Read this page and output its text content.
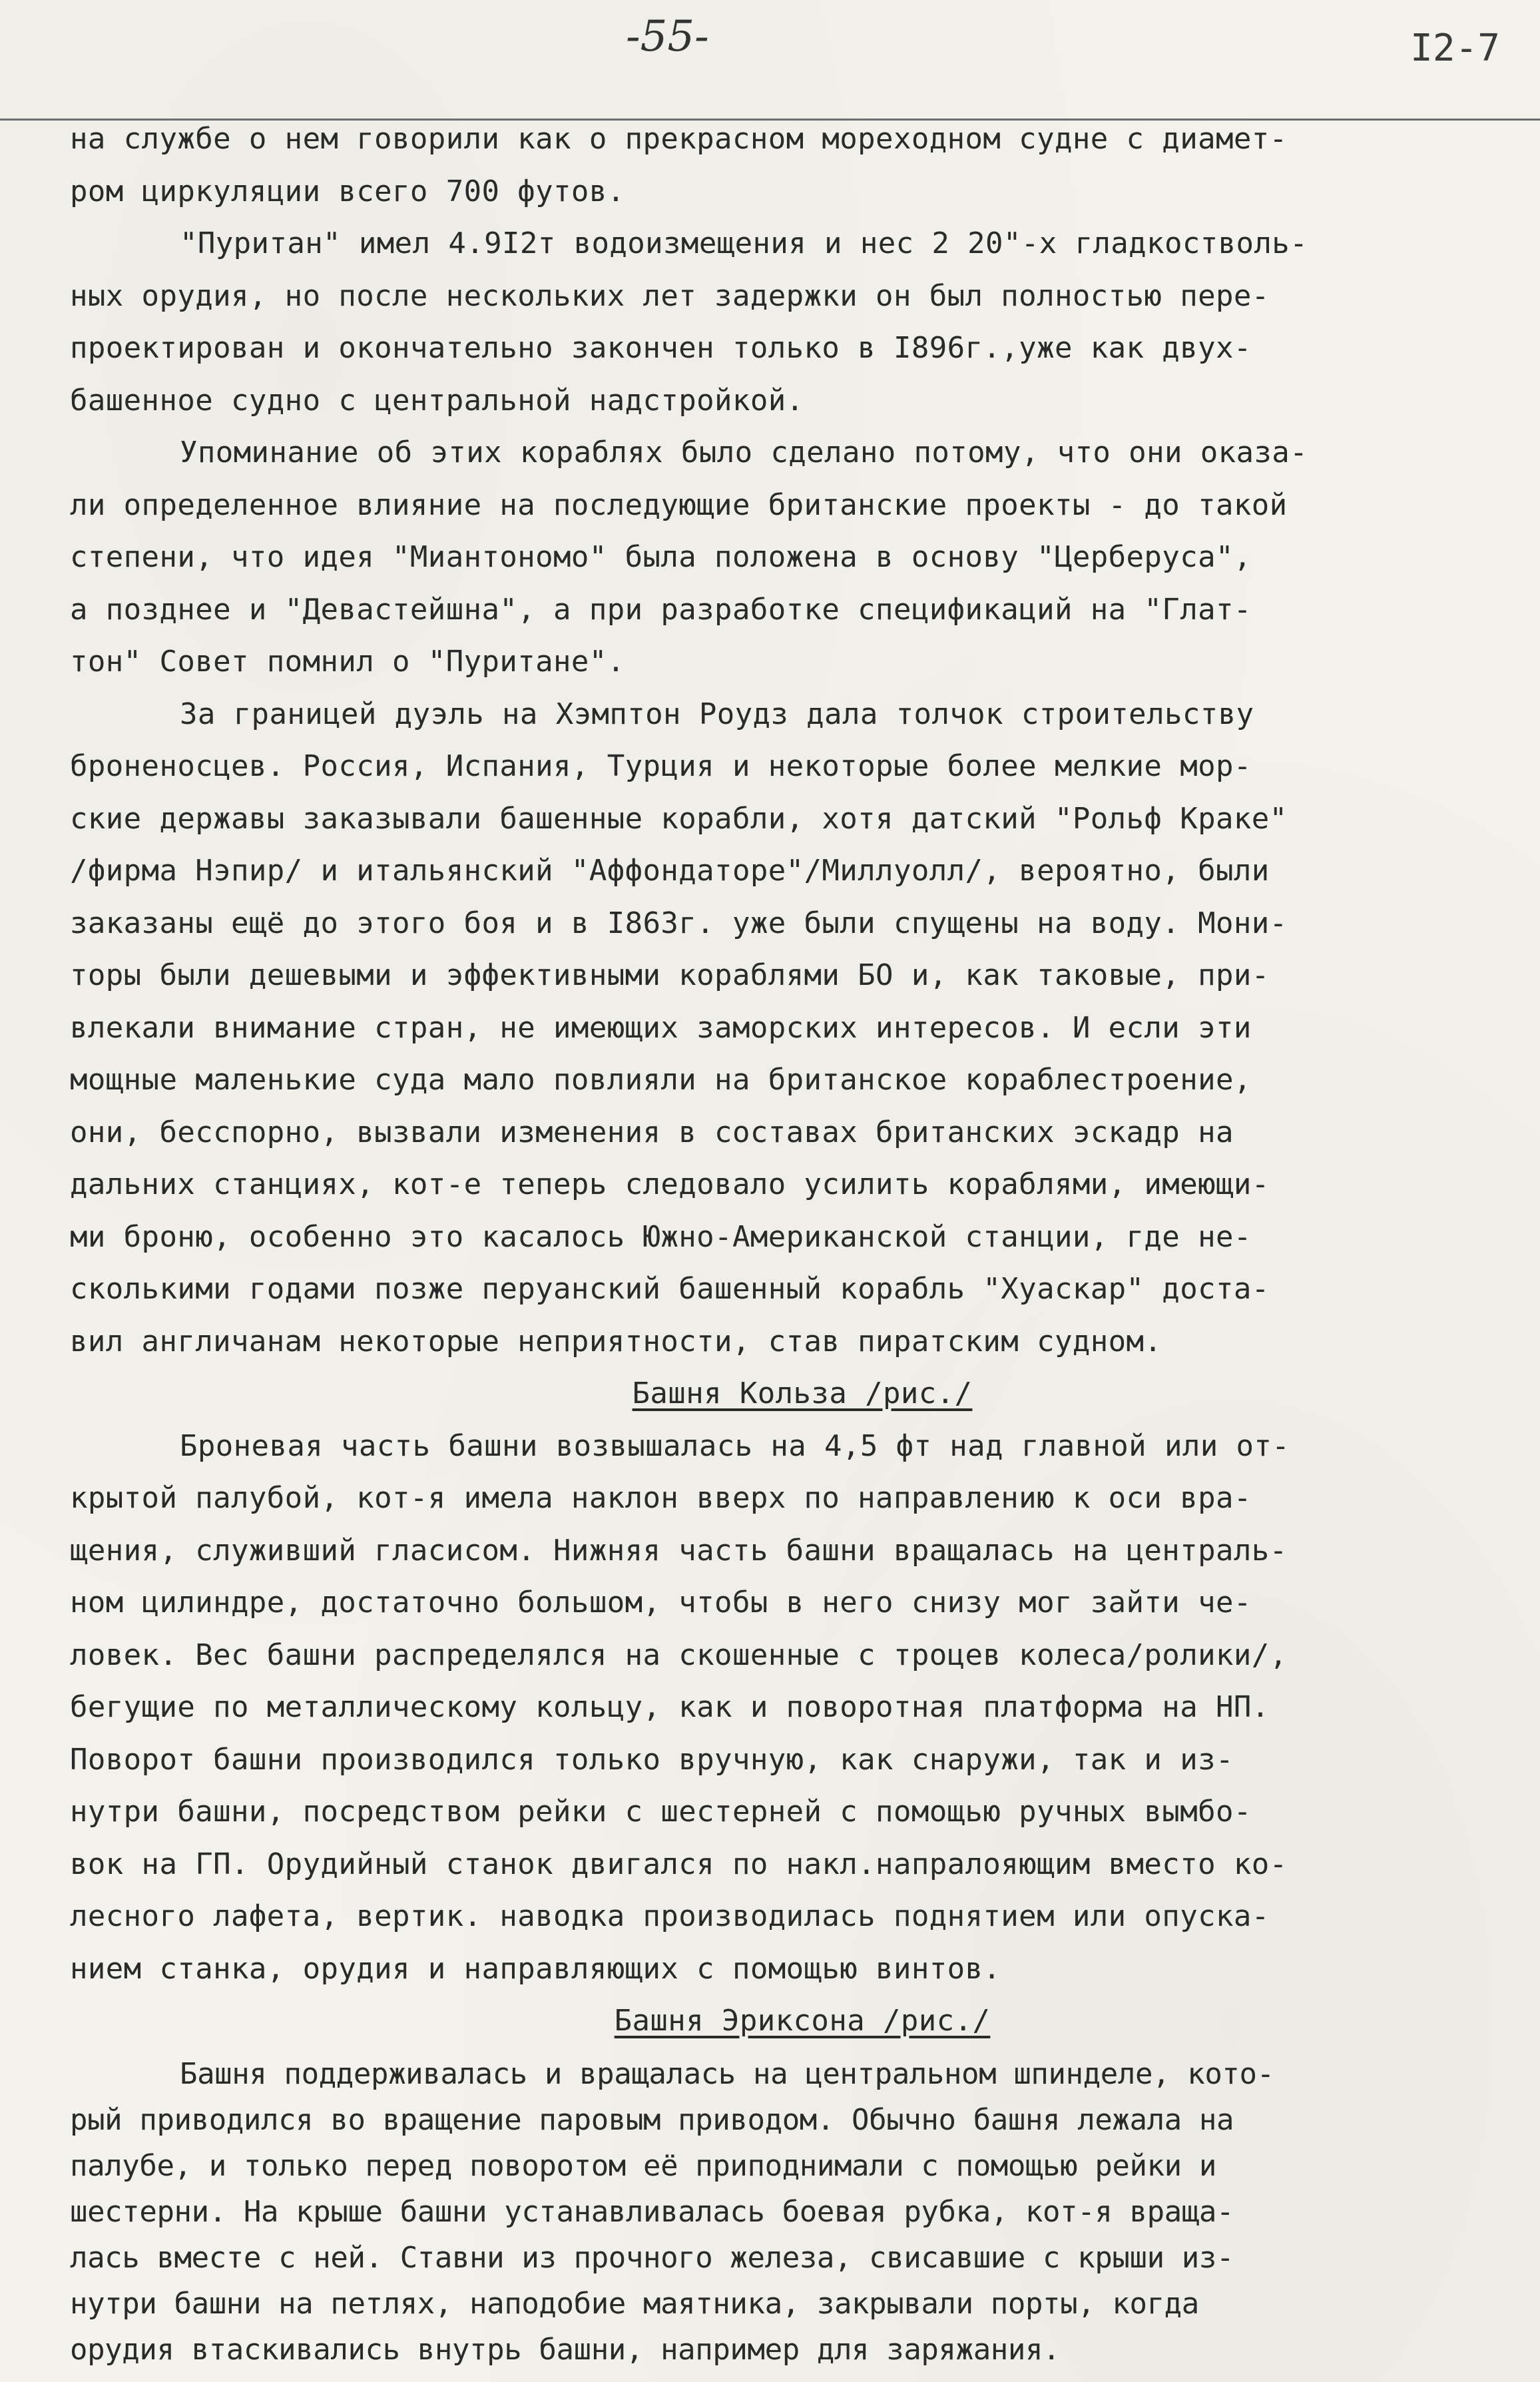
-55-	I2-7
на службе о нем говорили как о прекрасном мореходном судне с диамет-
ром циркуляции всего 700 футов.
"Пуритан" имел 4.9I2т водоизмещения и нес 2 20"-х гладкостволь-
ных орудия, но после нескольких лет задержки он был полностью пере-
проектирован и окончательно закончен только в I896г.,уже как двух-
башенное судно с центральной надстройкой.
Упоминание об этих кораблях было сделано потому, что они оказа-
ли определенное влияние на последующие британские проекты - до такой
степени, что идея "Миантономо" была положена в основу "Церберуса",
а позднее и "Девастейшна", а при разработке спецификаций на "Глат-
тон" Совет помнил о "Пуритане".
За границей дуэль на Хэмптон Роудз дала толчок строительству
броненосцев. Россия, Испания, Турция и некоторые более мелкие мор-
ские державы заказывали башенные корабли, хотя датский "Рольф Краке"
/фирма Нэпир/ и итальянский "Аффондаторе"/Миллуолл/, вероятно, были
заказаны ещё до этого боя и в I863г. уже были спущены на воду. Мони-
торы были дешевыми и эффективными кораблями БО и, как таковые, при-
влекали внимание стран, не имеющих заморских интересов. И если эти
мощные маленькие суда мало повлияли на британское кораблестроение,
они, бесспорно, вызвали изменения в составах британских эскадр на
дальних станциях, кот-е теперь следовало усилить кораблями, имеющи-
ми броню, особенно это касалось Южно-Американской станции, где не-
сколькими годами позже перуанский башенный корабль "Хуаскар" доста-
вил англичанам некоторые неприятности, став пиратским судном.
Башня Кольза /рис./
Броневая часть башни возвышалась на 4,5 фт над главной или от-
крытой палубой, кот-я имела наклон вверх по направлению к оси вра-
щения, служивший гласисом. Нижняя часть башни вращалась на централь-
ном цилиндре, достаточно большом, чтобы в него снизу мог зайти че-
ловек. Вес башни распределялся на скошенные с троцев колеса/ролики/,
бегущие по металлическому кольцу, как и поворотная платформа на НП.
Поворот башни производился только вручную, как снаружи, так и из-
нутри башни, посредством рейки с шестерней с помощью ручных вымбо-
вок на ГП. Орудийный станок двигался по накл.напралояющим вместо ко-
лесного лафета, вертик. наводка производилась поднятием или опуска-
нием станка, орудия и направляющих с помощью винтов.
Башня Эриксона /рис./
Башня поддерживалась и вращалась на центральном шпинделе, кото-
рый приводился во вращение паровым приводом. Обычно башня лежала на
палубе, и только перед поворотом её приподнимали с помощью рейки и
шестерни. На крыше башни устанавливалась боевая рубка, кот-я враща-
лась вместе с ней. Ставни из прочного железа, свисавшие с крыши из-
нутри башни на петлях, наподобие маятника, закрывали порты, когда
орудия втаскивались внутрь башни, например для заряжания.
